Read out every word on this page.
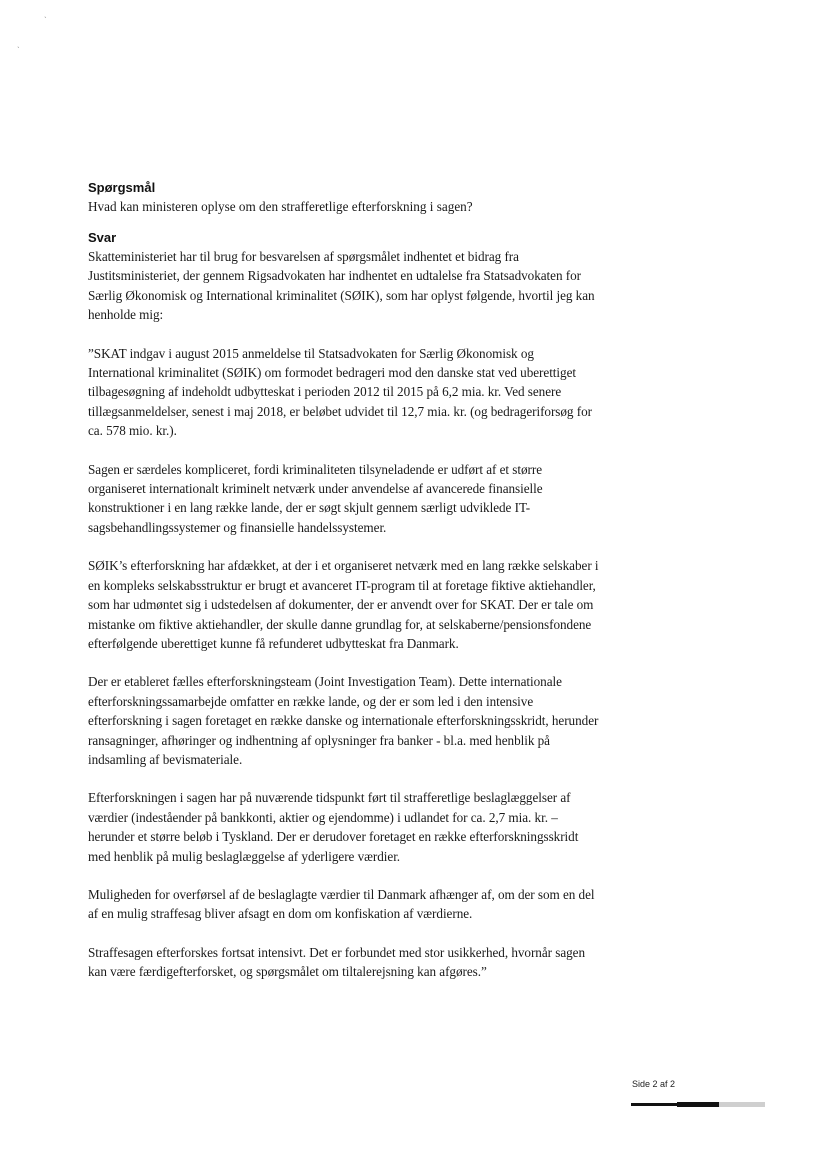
ˎ
ˎ
Spørgsmål

Hvad kan ministeren oplyse om den strafferetlige efterforskning i sagen?

Svar

Skatteministeriet har til brug for besvarelsen af spørgsmålet indhentet et bidrag fra Justitsministeriet, der gennem Rigsadvokaten har indhentet en udtalelse fra Statsadvokaten for Særlig Økonomisk og International kriminalitet (SØIK), som har oplyst følgende, hvortil jeg kan henholde mig:

”SKAT indgav i august 2015 anmeldelse til Statsadvokaten for Særlig Økonomisk og International kriminalitet (SØIK) om formodet bedrageri mod den danske stat ved uberettiget tilbagesøgning af indeholdt udbytteskat i perioden 2012 til 2015 på 6,2 mia. kr. Ved senere tillægsanmeldelser, senest i maj 2018, er beløbet udvidet til 12,7 mia. kr. (og bedrageriforsøg for ca. 578 mio. kr.).

Sagen er særdeles kompliceret, fordi kriminaliteten tilsyneladende er udført af et større organiseret internationalt kriminelt netværk under anvendelse af avancerede finansielle konstruktioner i en lang række lande, der er søgt skjult gennem særligt udviklede IT-sagsbehandlingssystemer og finansielle handelssystemer.

SØIK’s efterforskning har afdækket, at der i et organiseret netværk med en lang række selskaber i en kompleks selskabsstruktur er brugt et avanceret IT-program til at foretage fiktive aktiehandler, som har udmøntet sig i udstedelsen af dokumenter, der er anvendt over for SKAT. Der er tale om mistanke om fiktive aktiehandler, der skulle danne grundlag for, at selskaberne/pensionsfondene efterfølgende uberettiget kunne få refunderet udbytteskat fra Danmark.

Der er etableret fælles efterforskningsteam (Joint Investigation Team). Dette internationale efterforskningssamarbejde omfatter en række lande, og der er som led i den intensive efterforskning i sagen foretaget en række danske og internationale efterforskningsskridt, herunder ransagninger, afhøringer og indhentning af oplysninger fra banker - bl.a. med henblik på indsamling af bevismateriale.

Efterforskningen i sagen har på nuværende tidspunkt ført til strafferetlige beslaglæggelser af værdier (indeståender på bankkonti, aktier og ejendomme) i udlandet for ca. 2,7 mia. kr. – herunder et større beløb i Tyskland. Der er derudover foretaget en række efterforskningsskridt med henblik på mulig beslaglæggelse af yderligere værdier.

Muligheden for overførsel af de beslaglagte værdier til Danmark afhænger af, om der som en del af en mulig straffesag bliver afsagt en dom om konfiskation af værdierne.

Straffesagen efterforskes fortsat intensivt. Det er forbundet med stor usikkerhed, hvornår sagen kan være færdigefterforsket, og spørgsmålet om tiltalerejsning kan afgøres.”

Side 2 af 2
